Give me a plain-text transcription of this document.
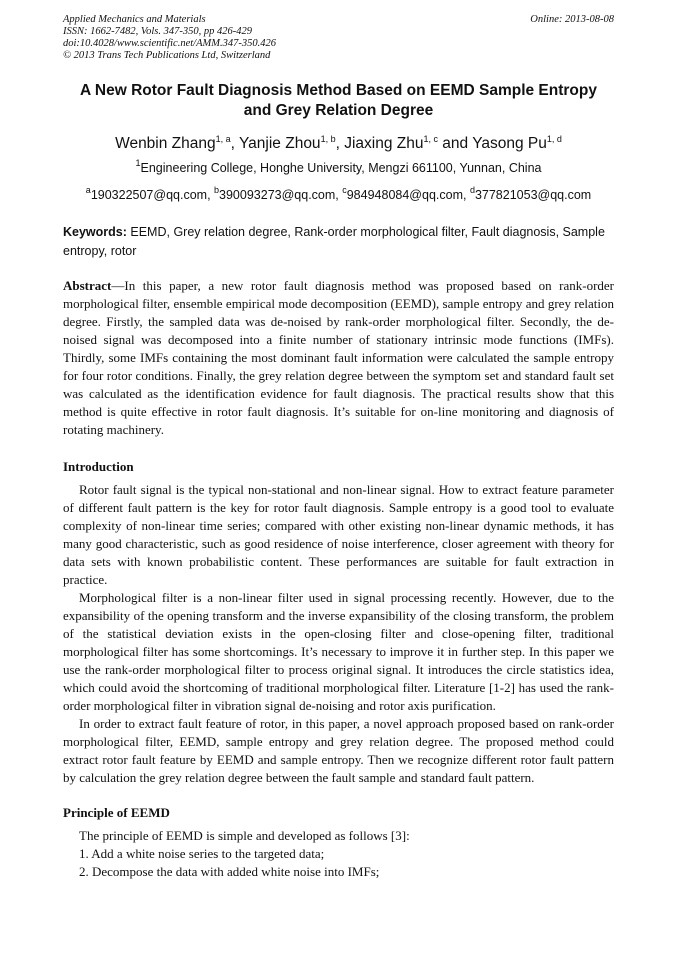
Applied Mechanics and Materials
ISSN: 1662-7482, Vols. 347-350, pp 426-429
doi:10.4028/www.scientific.net/AMM.347-350.426
© 2013 Trans Tech Publications Ltd, Switzerland
Online: 2013-08-08
A New Rotor Fault Diagnosis Method Based on EEMD Sample Entropy
and Grey Relation Degree
Wenbin Zhang$^{1, a}$, Yanjie Zhou$^{1, b}$, Jiaxing Zhu$^{1, c}$ and Yasong Pu$^{1, d}$
$^1$Engineering College, Honghe University, Mengzi 661100, Yunnan, China
$^a$190322507@qq.com, $^b$390093273@qq.com, $^c$984948084@qq.com, $^d$377821053@qq.com
Keywords: EEMD, Grey relation degree, Rank-order morphological filter, Fault diagnosis, Sample entropy, rotor
Abstract—In this paper, a new rotor fault diagnosis method was proposed based on rank-order morphological filter, ensemble empirical mode decomposition (EEMD), sample entropy and grey relation degree. Firstly, the sampled data was de-noised by rank-order morphological filter. Secondly, the de-noised signal was decomposed into a finite number of stationary intrinsic mode functions (IMFs). Thirdly, some IMFs containing the most dominant fault information were calculated the sample entropy for four rotor conditions. Finally, the grey relation degree between the symptom set and standard fault set was calculated as the identification evidence for fault diagnosis. The practical results show that this method is quite effective in rotor fault diagnosis. It’s suitable for on-line monitoring and diagnosis of rotating machinery.
Introduction

Rotor fault signal is the typical non-stational and non-linear signal. How to extract feature parameter of different fault pattern is the key for rotor fault diagnosis. Sample entropy is a good tool to evaluate complexity of non-linear time series; compared with other existing non-linear dynamic methods, it has many good characteristic, such as good residence of noise interference, closer agreement with theory for data sets with known probabilistic content. These performances are suitable for fault extraction in practice.

Morphological filter is a non-linear filter used in signal processing recently. However, due to the expansibility of the opening transform and the inverse expansibility of the closing transform, the problem of the statistical deviation exists in the open-closing filter and close-opening filter, traditional morphological filter has some shortcomings. It’s necessary to improve it in further step. In this paper we use the rank-order morphological filter to process original signal. It introduces the circle statistics idea, which could avoid the shortcoming of traditional morphological filter. Literature [1-2] has used the rank-order morphological filter in vibration signal de-noising and rotor axis purification.

In order to extract fault feature of rotor, in this paper, a novel approach proposed based on rank-order morphological filter, EEMD, sample entropy and grey relation degree. The proposed method could extract rotor fault feature by EEMD and sample entropy. Then we recognize different rotor fault pattern by calculation the grey relation degree between the fault sample and standard fault pattern.

Principle of EEMD

The principle of EEMD is simple and developed as follows [3]:

1. Add a white noise series to the targeted data;

2. Decompose the data with added white noise into IMFs;
